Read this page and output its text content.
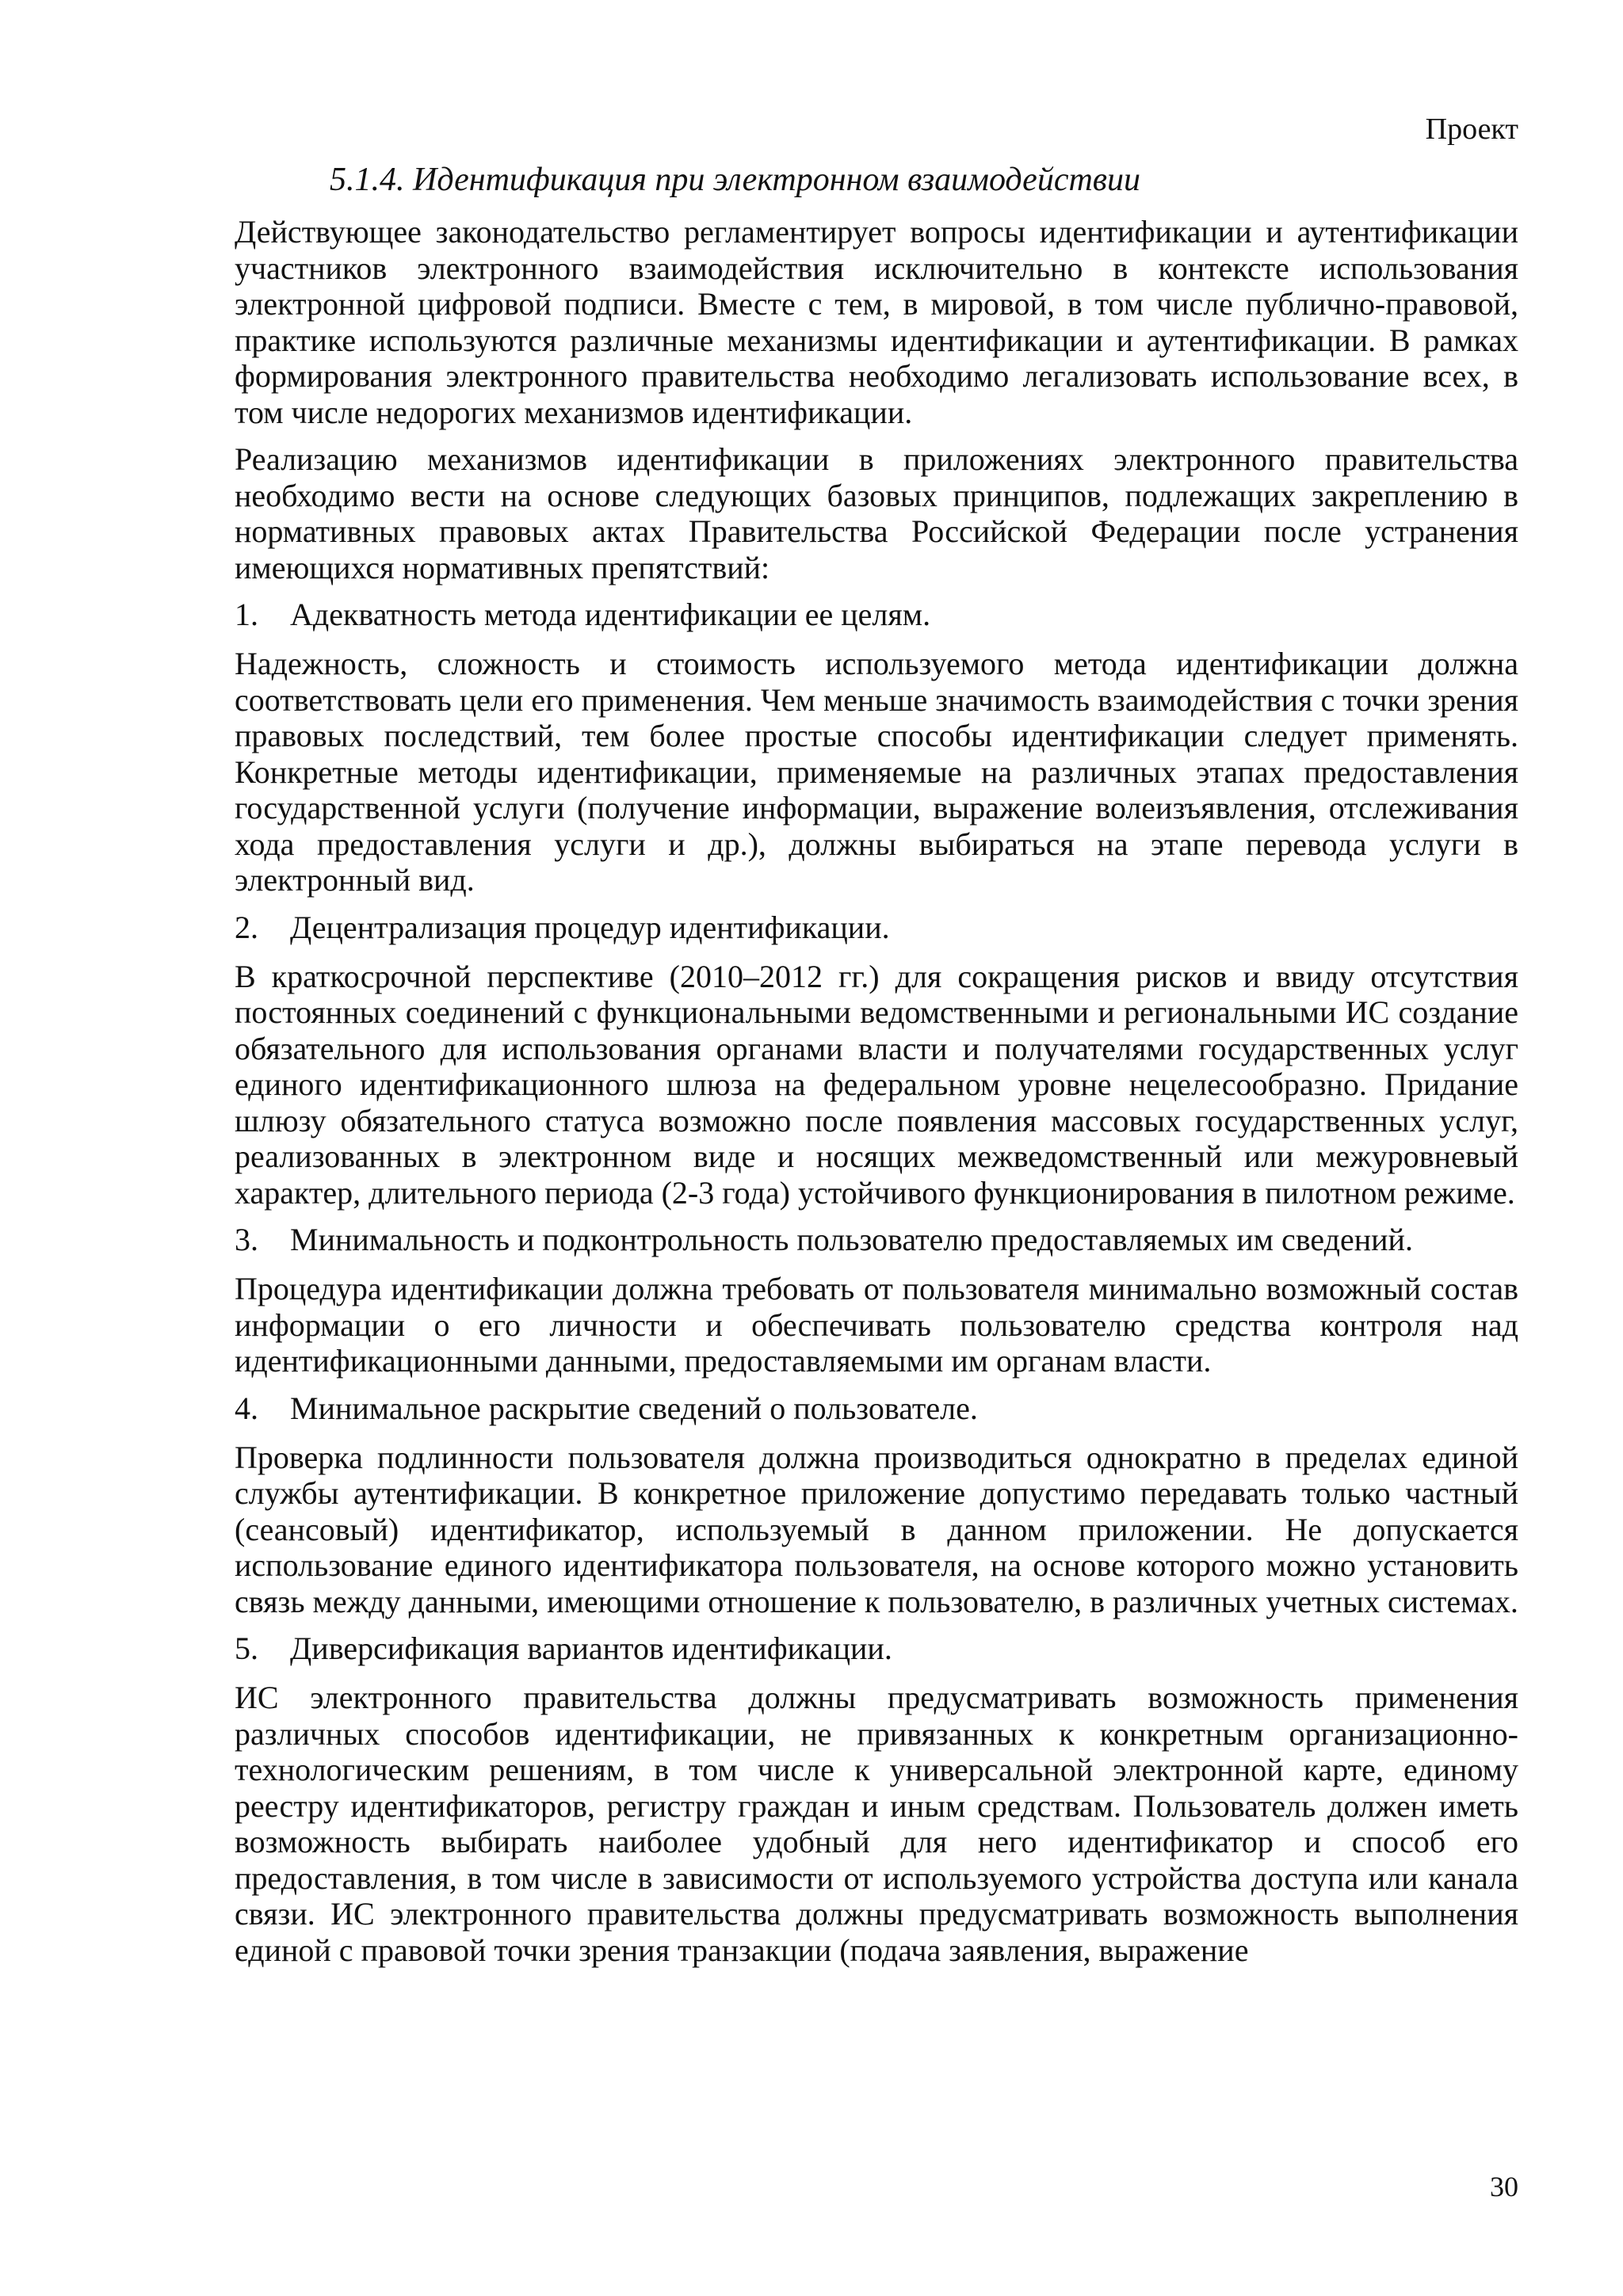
Проект
5.1.4. Идентификация при электронном взаимодействии

Действующее законодательство регламентирует вопросы идентификации и аутентификации участников электронного взаимодействия исключительно в контексте использования электронной цифровой подписи. Вместе с тем, в мировой, в том числе публично-правовой, практике используются различные механизмы идентификации и аутентификации. В рамках формирования электронного правительства необходимо легализовать использование всех, в том числе недорогих механизмов идентификации.

Реализацию механизмов идентификации в приложениях электронного правительства необходимо вести на основе следующих базовых принципов, подлежащих закреплению в нормативных правовых актах Правительства Российской Федерации после устранения имеющихся нормативных препятствий:

1.	Адекватность метода идентификации ее целям.

Надежность, сложность и стоимость используемого метода идентификации должна соответствовать цели его применения. Чем меньше значимость взаимодействия с точки зрения правовых последствий, тем более простые способы идентификации следует применять. Конкретные методы идентификации, применяемые на различных этапах предоставления государственной услуги (получение информации, выражение волеизъявления, отслеживания хода предоставления услуги и др.), должны выбираться на этапе перевода услуги в электронный вид.

2.	Децентрализация процедур идентификации.

В краткосрочной перспективе (2010–2012 гг.) для сокращения рисков и ввиду отсутствия постоянных соединений с функциональными ведомственными и региональными ИС создание обязательного для использования органами власти и получателями государственных услуг единого идентификационного шлюза на федеральном уровне нецелесообразно. Придание шлюзу обязательного статуса возможно после появления массовых государственных услуг, реализованных в электронном виде и носящих межведомственный или межуровневый характер, длительного периода (2-3 года) устойчивого функционирования в пилотном режиме.

3.	Минимальность и подконтрольность пользователю предоставляемых им сведений.

Процедура идентификации должна требовать от пользователя минимально возможный состав информации о его личности и обеспечивать пользователю средства контроля над идентификационными данными, предоставляемыми им органам власти.

4.	Минимальное раскрытие сведений о пользователе.

Проверка подлинности пользователя должна производиться однократно в пределах единой службы аутентификации. В конкретное приложение допустимо передавать только частный (сеансовый) идентификатор, используемый в данном приложении. Не допускается использование единого идентификатора пользователя, на основе которого можно установить связь между данными, имеющими отношение к пользователю, в различных учетных системах.

5.	Диверсификация вариантов идентификации.

ИС электронного правительства должны предусматривать возможность применения различных способов идентификации, не привязанных к конкретным организационно-технологическим решениям, в том числе к универсальной электронной карте, единому реестру идентификаторов, регистру граждан и иным средствам. Пользователь должен иметь возможность выбирать наиболее удобный для него идентификатор и способ его предоставления, в том числе в зависимости от используемого устройства доступа или канала связи. ИС электронного правительства должны предусматривать возможность выполнения единой с правовой точки зрения транзакции (подача заявления, выражение

30
